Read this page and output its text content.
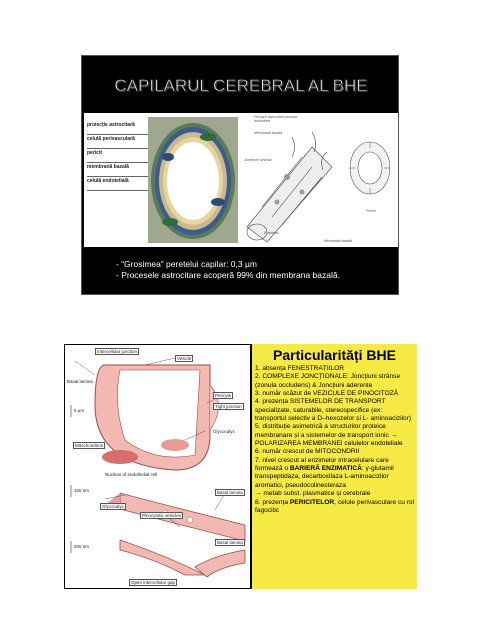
CAPILARUL CEREBRAL AL BHE
proiecție astrocitară
celulă perivasculară
pericit
membrană bazală
celulă endotelială
Picioare astrocitare procese astrocitare
Membrană bazală
Joncțiune strânsă
Pericit
Endoteliu
Membrană bazală
- “Grosimea” peretelui capilar: 0,3 µm
- Procesele astrocitare acoperă 99% din membrana bazală.
Intercellular junction
Vesicle
Basal lamina
Pericyte
Tight junction
5 µm
Glycocalyx
Mitochondrion
Nucleus of endothelial cell
100 nm	Basal lamina
Glycocalyx
Pinocytotic vesicles
200 nm
Basal lamina
Open intercellular gap
Particularități BHE
1. absența FENESTRAȚIILOR
2. COMPLEXE JONCȚIONALE: Joncțiuni strânse (zonula occludens) & Joncțiuni aderente
3. număr scăzut de VEZICULE DE PINOCITOZĂ
4. prezența SISTEMELOR DE TRANSPORT specializate, saturabile, stereospecifice (ex: transportul selectiv a D–hexozelor și L- aminoacizilor)
5. distribuție asimetrică a structurilor proteice membranare și a sistemelor de transport ionic → POLARIZAREA MEMBRANEI celulelor endoteliale
6. număr crescut de MITOCONDRII
7. nivel crescut al enzimelor intracelulare care formează o BARIERĂ ENZIMATICĂ: γ-glutamil transpeptidaza, decarboxilaza L-aminoacizilor aromatici, pseudocolinesteraza
→ metab subst. plasmatice și cerebrale
8. prezența PERICITELOR, celule perivasculare cu rol fagocitic
